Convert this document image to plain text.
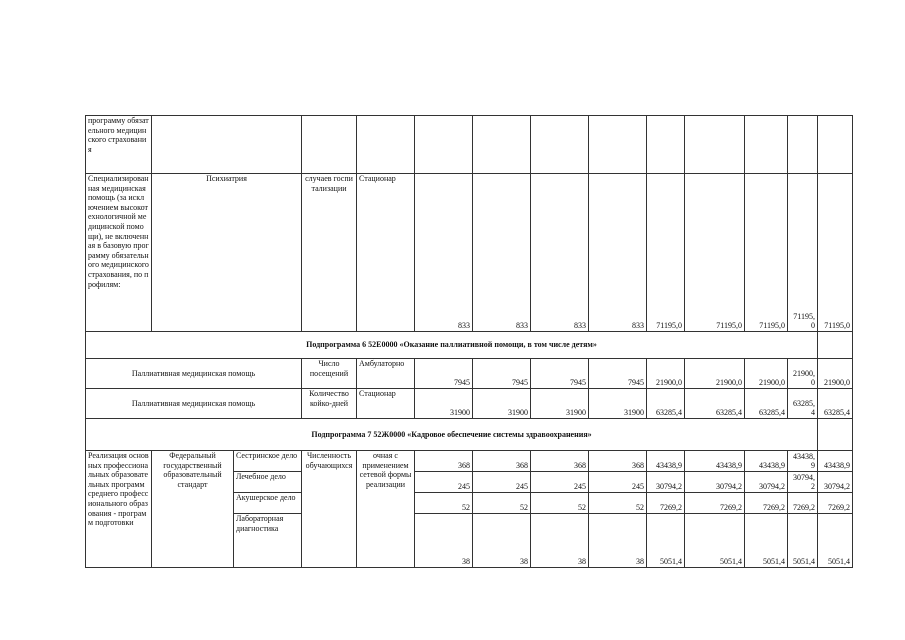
программу обязательного медицинского страхования													
Специализированная медицинская помощь (за исключением высокотехнологичной медицинской помощи), не включенная в базовую программу обязательного медицинского страхования, по профилям:	Психиатрия		случаев госпитализации	Стационар	833	833	833	833	71195,0	71195,0	71195,0	71195,0	71195,0
Подпрограмма 6 52Е0000 «Оказание паллиативной помощи, в том числе детям»													
Паллиативная медицинская помощь			Число посещений	Амбулаторно	7945	7945	7945	7945	21900,0	21900,0	21900,0	21900,0	21900,0
Паллиативная медицинская помощь			Количество койко-дней	Стационар	31900	31900	31900	31900	63285,4	63285,4	63285,4	63285,4	63285,4
Подпрограмма 7 52Ж0000 «Кадровое обеспечение системы здравоохранения»													
Реализация основных профессиональных образовательных программ среднего профессионального образования - программ подготовки	Федеральный государственный образовательный стандарт	Сестринское дело	Численность обучающихся	очная с применением сетевой формы реализации	368	368	368	368	43438,9	43438,9	43438,9	43438,9	43438,9
		Лечебное дело			245	245	245	245	30794,2	30794,2	30794,2	30794,2	30794,2
		Акушерское дело			52	52	52	52	7269,2	7269,2	7269,2	7269,2	7269,2
		Лабораторная диагностика			38	38	38	38	5051,4	5051,4	5051,4	5051,4	5051,4
